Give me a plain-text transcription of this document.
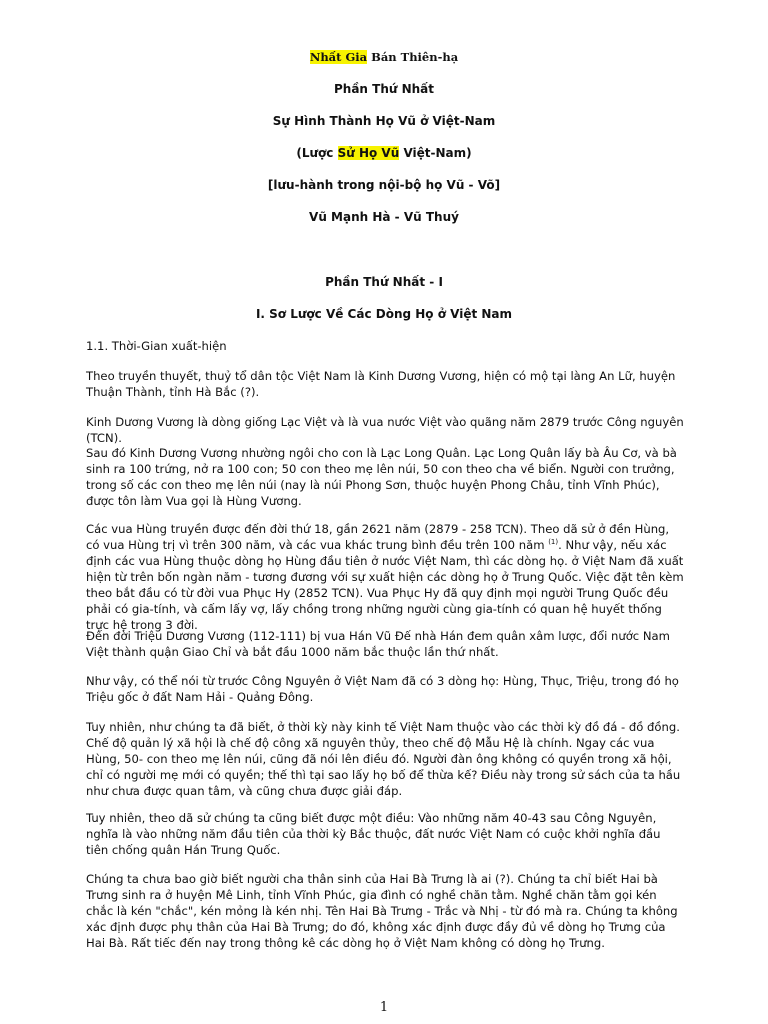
Nhất Gia Bán Thiên-hạ
Phần Thứ Nhất
Sự Hình Thành Họ Vũ ở Việt-Nam
(Lược Sử Họ Vũ Việt-Nam)
[lưu-hành trong nội-bộ họ Vũ - Võ]
Vũ Mạnh Hà - Vũ Thuý
Phần Thứ Nhất - I
I. Sơ Lược Về Các Dòng Họ ở Việt Nam

1.1. Thời-Gian xuất-hiện

Theo truyền thuyết, thuỷ tổ dân tộc Việt Nam là Kinh Dương Vương, hiện có mộ tại làng An Lữ, huyện Thuận Thành, tỉnh Hà Bắc (?).

Kinh Dương Vương là dòng giống Lạc Việt và là vua nước Việt vào quãng năm 2879 trước Công nguyên (TCN).

Sau đó Kinh Dương Vương nhường ngôi cho con là Lạc Long Quân. Lạc Long Quân lấy bà Âu Cơ, và bà sinh ra 100 trứng, nở ra 100 con; 50 con theo mẹ lên núi, 50 con theo cha về biển. Người con trưởng, trong số các con theo mẹ lên núi (nay là núi Phong Sơn, thuộc huyện Phong Châu, tỉnh Vĩnh Phúc), được tôn làm Vua gọi là Hùng Vương.

Các vua Hùng truyền được đến đời thứ 18, gần 2621 năm (2879 - 258 TCN). Theo dã sử ở đền Hùng, có vua Hùng trị vì trên 300 năm, và các vua khác trung bình đều trên 100 năm $^{(1)}$. Như vậy, nếu xác định các vua Hùng thuộc dòng họ Hùng đầu tiên ở nước Việt Nam, thì các dòng họ. ở Việt Nam đã xuất hiện từ trên bốn ngàn năm - tương đương với sự xuất hiện các dòng họ ở Trung Quốc. Việc đặt tên kèm theo bắt đầu có từ đời vua Phục Hy (2852 TCN). Vua Phục Hy đã quy định mọi người Trung Quốc đều phải có gia-tính, và cấm lấy vợ, lấy chồng trong những người cùng gia-tính có quan hệ huyết thống trực hệ trong 3 đời.

Đến đời Triệu Dương Vương (112-111) bị vua Hán Vũ Đế nhà Hán đem quân xâm lược, đổi nước Nam Việt thành quận Giao Chỉ và bắt đầu 1000 năm bắc thuộc lần thứ nhất.

Như vậy, có thể nói từ trước Công Nguyên ở Việt Nam đã có 3 dòng họ: Hùng, Thục, Triệu, trong đó họ Triệu gốc ở đất Nam Hải - Quảng Đông.

Tuy nhiên, như chúng ta đã biết, ở thời kỳ này kinh tế Việt Nam thuộc vào các thời kỳ đồ đá - đồ đồng. Chế độ quản lý xã hội là chế độ công xã nguyên thủy, theo chế độ Mẫu Hệ là chính. Ngay các vua Hùng, 50- con theo mẹ lên núi, cũng đã nói lên điều đó. Người đàn ông không có quyền trong xã hội, chỉ có người mẹ mới có quyền; thế thì tại sao lấy họ bố để thừa kế? Điều này trong sử sách của ta hầu như chưa được quan tâm, và cũng chưa được giải đáp.

Tuy nhiên, theo dã sử chúng ta cũng biết được một điều: Vào những năm 40-43 sau Công Nguyên, nghĩa là vào những năm đầu tiên của thời kỳ Bắc thuộc, đất nước Việt Nam có cuộc khởi nghĩa đầu tiên chống quân Hán Trung Quốc.

Chúng ta chưa bao giờ biết người cha thân sinh của Hai Bà Trưng là ai (?). Chúng ta chỉ biết Hai bà Trưng sinh ra ở huyện Mê Linh, tỉnh Vĩnh Phúc, gia đình có nghề chăn tằm. Nghề chăn tằm gọi kén chắc là kén "chắc", kén mỏng là kén nhị. Tên Hai Bà Trưng - Trắc và Nhị - từ đó mà ra. Chúng ta không xác định được phụ thân của Hai Bà Trưng; do đó, không xác định được đầy đủ về dòng họ Trưng của Hai Bà. Rất tiếc đến nay trong thông kê các dòng họ ở Việt Nam không có dòng họ Trưng.

1
